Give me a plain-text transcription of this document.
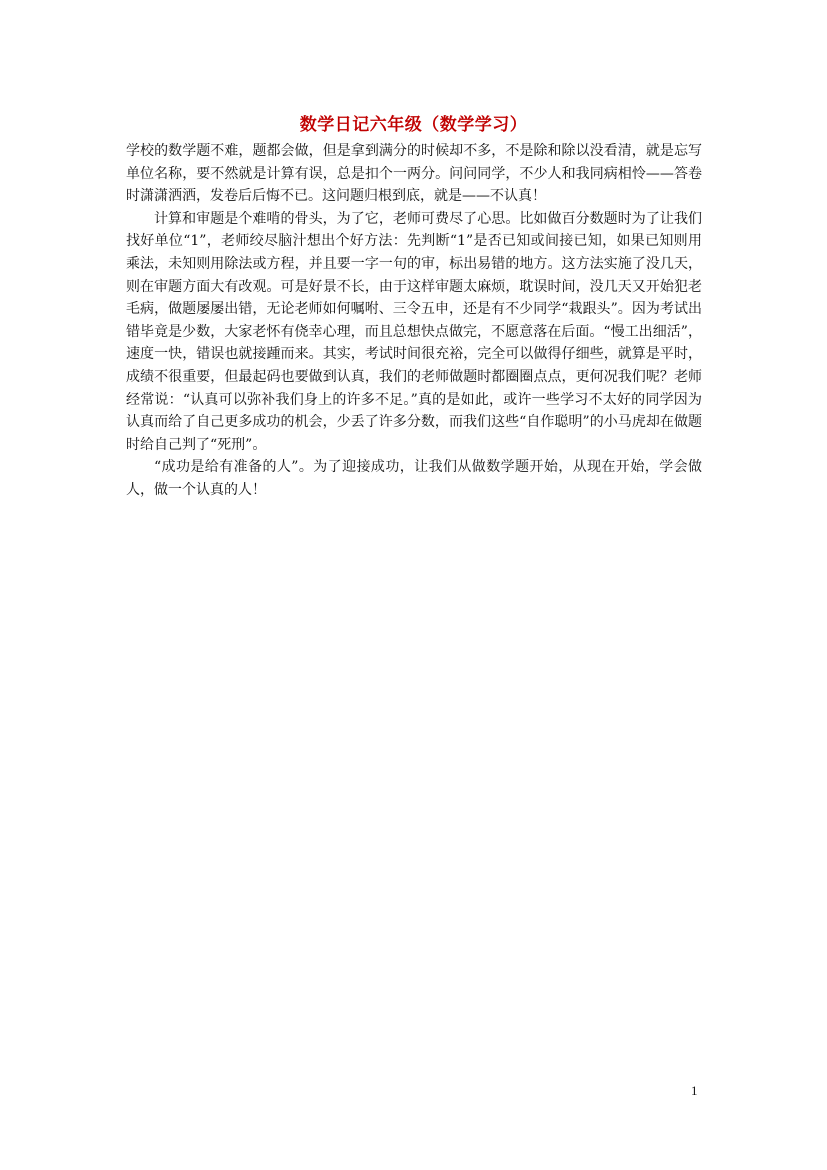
数学日记六年级（数学学习）

学校的数学题不难，题都会做，但是拿到满分的时候却不多，不是除和除以没看清，就是忘写单位名称，要不然就是计算有误，总是扣个一两分。问问同学，不少人和我同病相怜——答卷时潇潇洒洒，发卷后后悔不已。这问题归根到底，就是——不认真！

计算和审题是个难啃的骨头，为了它，老师可费尽了心思。比如做百分数题时为了让我们找好单位“1”，老师绞尽脑汁想出个好方法：先判断“1”是否已知或间接已知，如果已知则用乘法，未知则用除法或方程，并且要一字一句的审，标出易错的地方。这方法实施了没几天，则在审题方面大有改观。可是好景不长，由于这样审题太麻烦，耽误时间，没几天又开始犯老毛病，做题屡屡出错，无论老师如何嘱咐、三令五申，还是有不少同学“栽跟头”。因为考试出错毕竟是少数，大家老怀有侥幸心理，而且总想快点做完，不愿意落在后面。“慢工出细活”，速度一快，错误也就接踵而来。其实，考试时间很充裕，完全可以做得仔细些，就算是平时，成绩不很重要，但最起码也要做到认真，我们的老师做题时都圈圈点点，更何况我们呢？老师经常说：“认真可以弥补我们身上的许多不足。”真的是如此，或许一些学习不太好的同学因为认真而给了自己更多成功的机会，少丢了许多分数，而我们这些“自作聪明”的小马虎却在做题时给自己判了“死刑”。

“成功是给有准备的人”。为了迎接成功，让我们从做数学题开始，从现在开始，学会做人，做一个认真的人！

1
